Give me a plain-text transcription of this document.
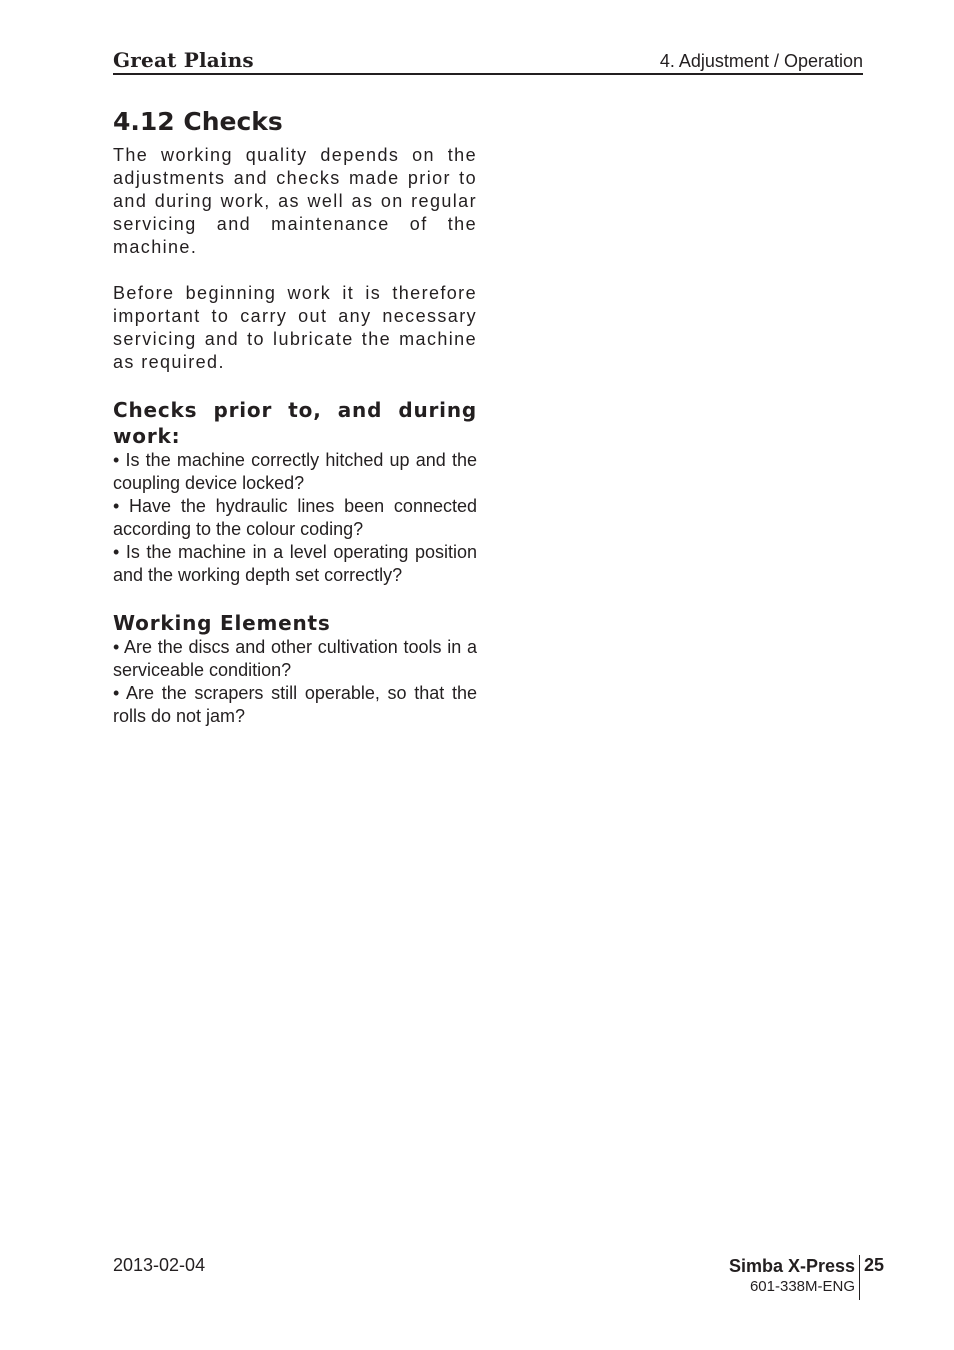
Great Plains	4. Adjustment / Operation
4.12 Checks

The working quality depends on the adjustments and checks made prior to and during work, as well as on regular servicing and maintenance of the machine.

Before beginning work it is therefore important to carry out any necessary servicing and to lubricate the machine as required.

Checks prior to, and during work:

• Is the machine correctly hitched up and the coupling device locked?

• Have the hydraulic lines been connected according to the colour coding?

• Is the machine in a level operating position and the working depth set correctly?

Working Elements

• Are the discs and other cultivation tools in a serviceable condition?

• Are the scrapers still operable, so that the rolls do not jam?

2013-02-04	Simba X-Press
601-338M-ENG
25
